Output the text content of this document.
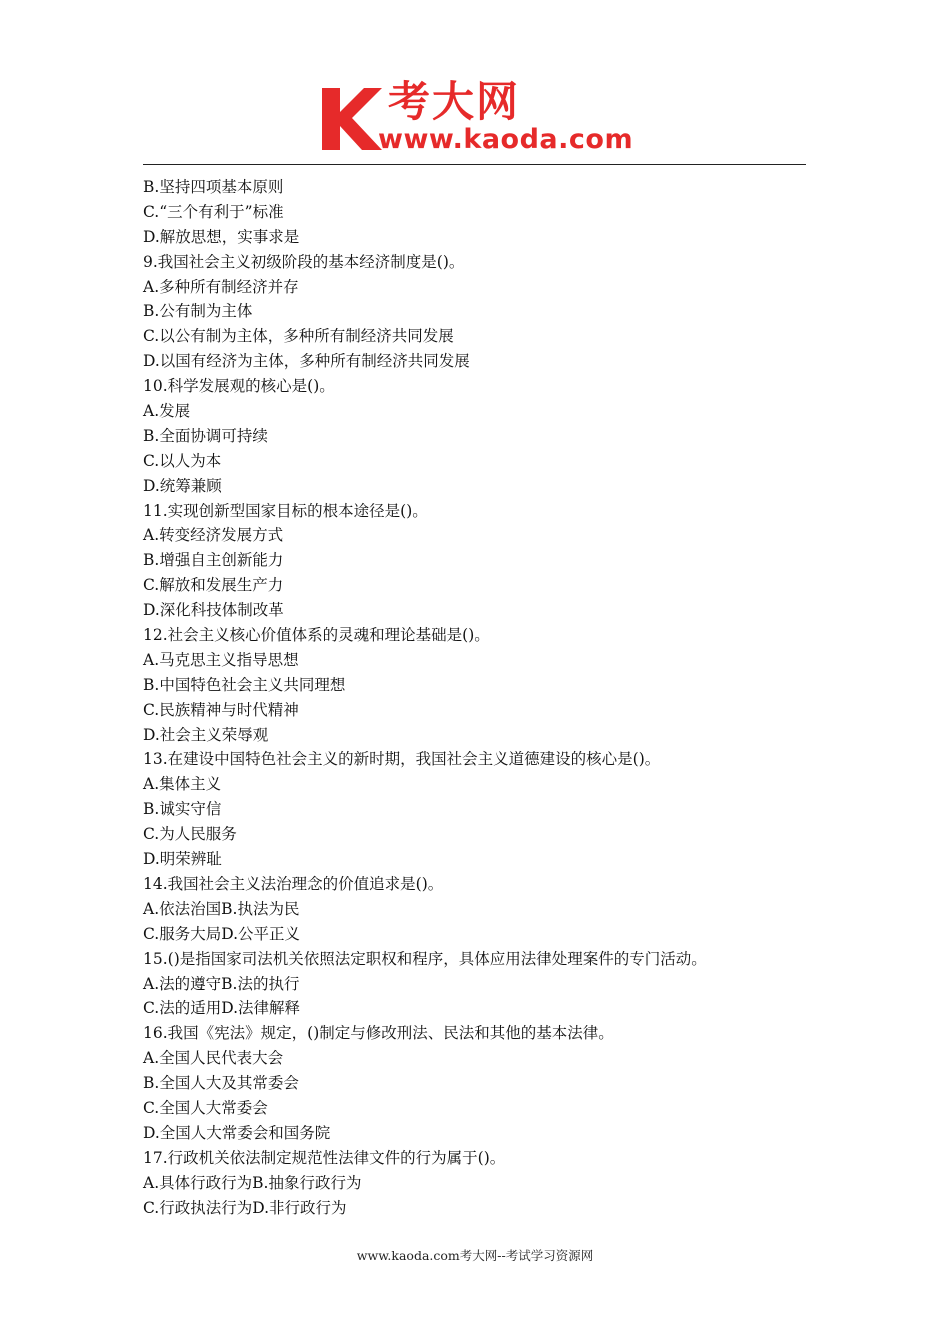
考大网
www.kaoda.com
B.坚持四项基本原则
C.“三个有利于”标准
D.解放思想，实事求是
9.我国社会主义初级阶段的基本经济制度是()。
A.多种所有制经济并存
B.公有制为主体
C.以公有制为主体，多种所有制经济共同发展
D.以国有经济为主体，多种所有制经济共同发展
10.科学发展观的核心是()。
A.发展
B.全面协调可持续
C.以人为本
D.统筹兼顾
11.实现创新型国家目标的根本途径是()。
A.转变经济发展方式
B.增强自主创新能力
C.解放和发展生产力
D.深化科技体制改革
12.社会主义核心价值体系的灵魂和理论基础是()。
A.马克思主义指导思想
B.中国特色社会主义共同理想
C.民族精神与时代精神
D.社会主义荣辱观
13.在建设中国特色社会主义的新时期，我国社会主义道德建设的核心是()。
A.集体主义
B.诚实守信
C.为人民服务
D.明荣辨耻
14.我国社会主义法治理念的价值追求是()。
A.依法治国B.执法为民
C.服务大局D.公平正义
15.()是指国家司法机关依照法定职权和程序，具体应用法律处理案件的专门活动。
A.法的遵守B.法的执行
C.法的适用D.法律解释
16.我国《宪法》规定，()制定与修改刑法、民法和其他的基本法律。
A.全国人民代表大会
B.全国人大及其常委会
C.全国人大常委会
D.全国人大常委会和国务院
17.行政机关依法制定规范性法律文件的行为属于()。
A.具体行政行为B.抽象行政行为
C.行政执法行为D.非行政行为
www.kaoda.com考大网--考试学习资源网
